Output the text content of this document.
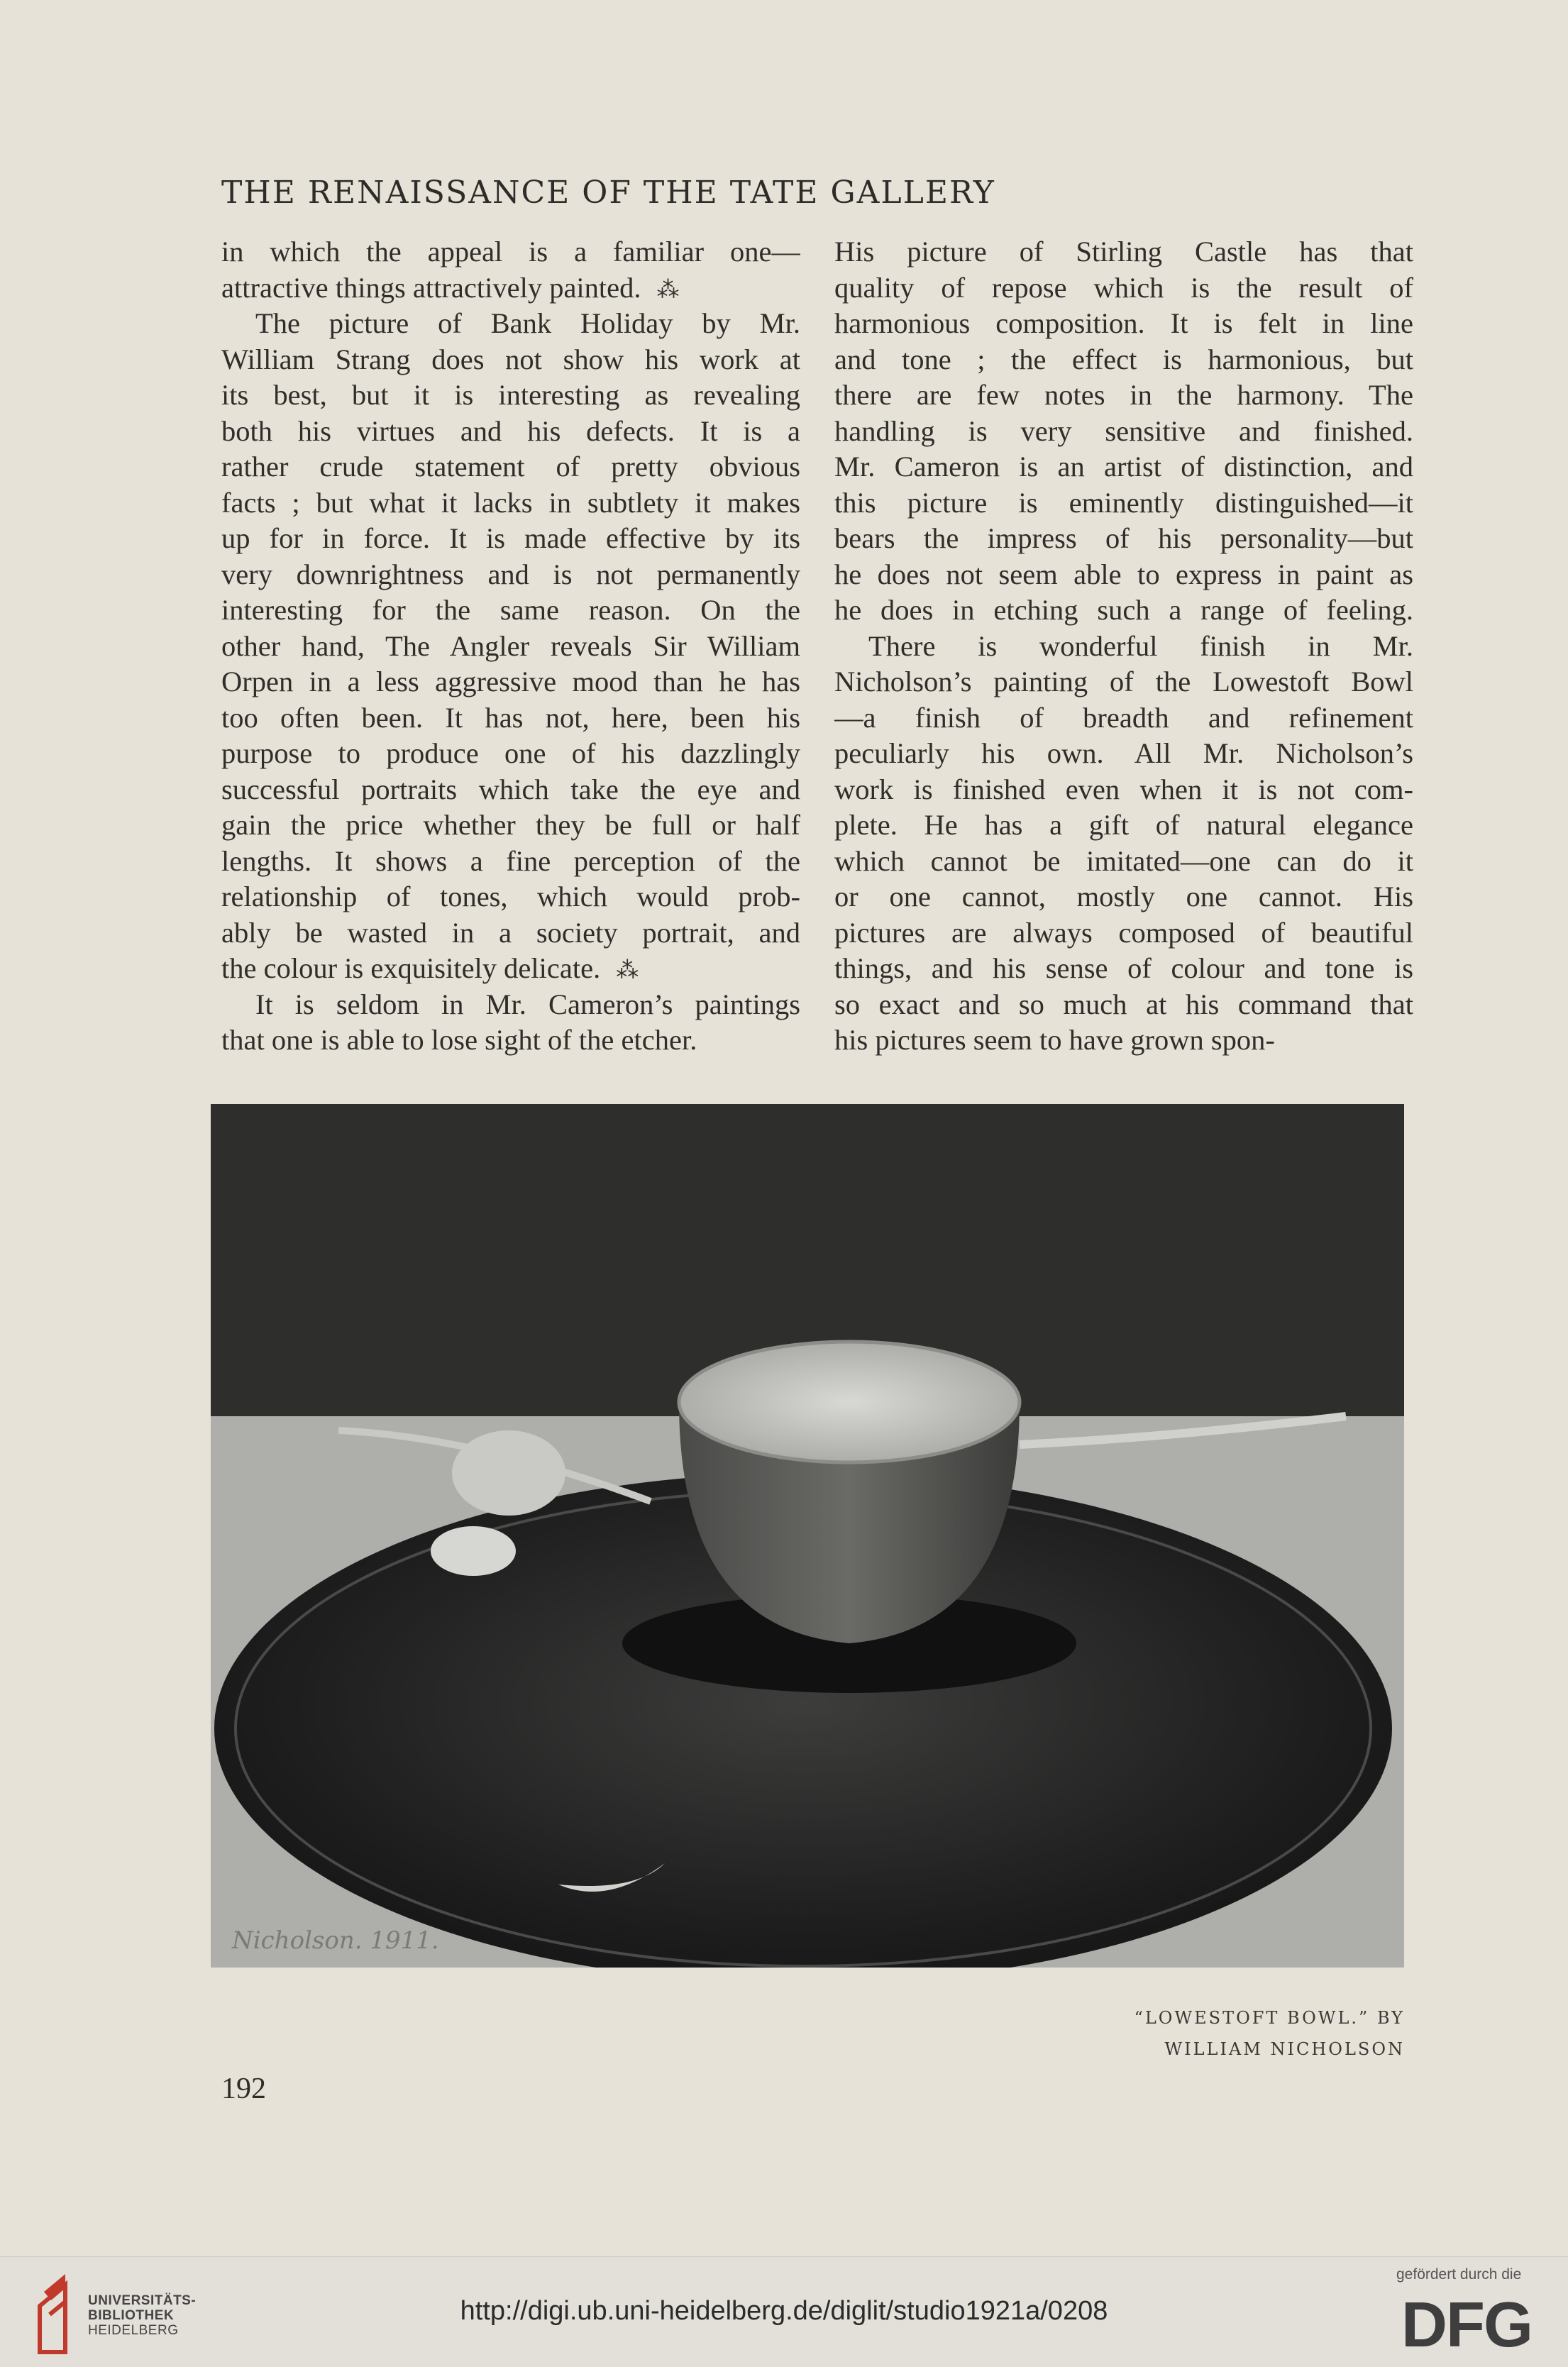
THE RENAISSANCE OF THE TATE GALLERY
in which the appeal is a familiar one—
attractive things attractively painted. ⁂
The picture of Bank Holiday by Mr.
William Strang does not show his work at
its best, but it is interesting as revealing
both his virtues and his defects. It is a
rather crude statement of pretty obvious
facts ; but what it lacks in subtlety it makes
up for in force. It is made effective by its
very downrightness and is not permanently
interesting for the same reason. On the
other hand, The Angler reveals Sir William
Orpen in a less aggressive mood than he has
too often been. It has not, here, been his
purpose to produce one of his dazzlingly
successful portraits which take the eye and
gain the price whether they be full or half
lengths. It shows a fine perception of the
relationship of tones, which would prob-
ably be wasted in a society portrait, and
the colour is exquisitely delicate. ⁂
It is seldom in Mr. Cameron’s paintings
that one is able to lose sight of the etcher.
His picture of Stirling Castle has that
quality of repose which is the result of
harmonious composition. It is felt in line
and tone ; the effect is harmonious, but
there are few notes in the harmony. The
handling is very sensitive and finished.
Mr. Cameron is an artist of distinction, and
this picture is eminently distinguished—it
bears the impress of his personality—but
he does not seem able to express in paint as
he does in etching such a range of feeling.
There is wonderful finish in Mr.
Nicholson’s painting of the Lowestoft Bowl
—a finish of breadth and refinement
peculiarly his own. All Mr. Nicholson’s
work is finished even when it is not com-
plete. He has a gift of natural elegance
which cannot be imitated—one can do it
or one cannot, mostly one cannot. His
pictures are always composed of beautiful
things, and his sense of colour and tone is
so exact and so much at his command that
his pictures seem to have grown spon-
Nicholson. 1911.
“LOWESTOFT BOWL.” BY
WILLIAM NICHOLSON
192
UNIVERSITÄTS-
BIBLIOTHEK
HEIDELBERG
http://digi.ub.uni-heidelberg.de/diglit/studio1921a/0208
gefördert durch die
DFG
